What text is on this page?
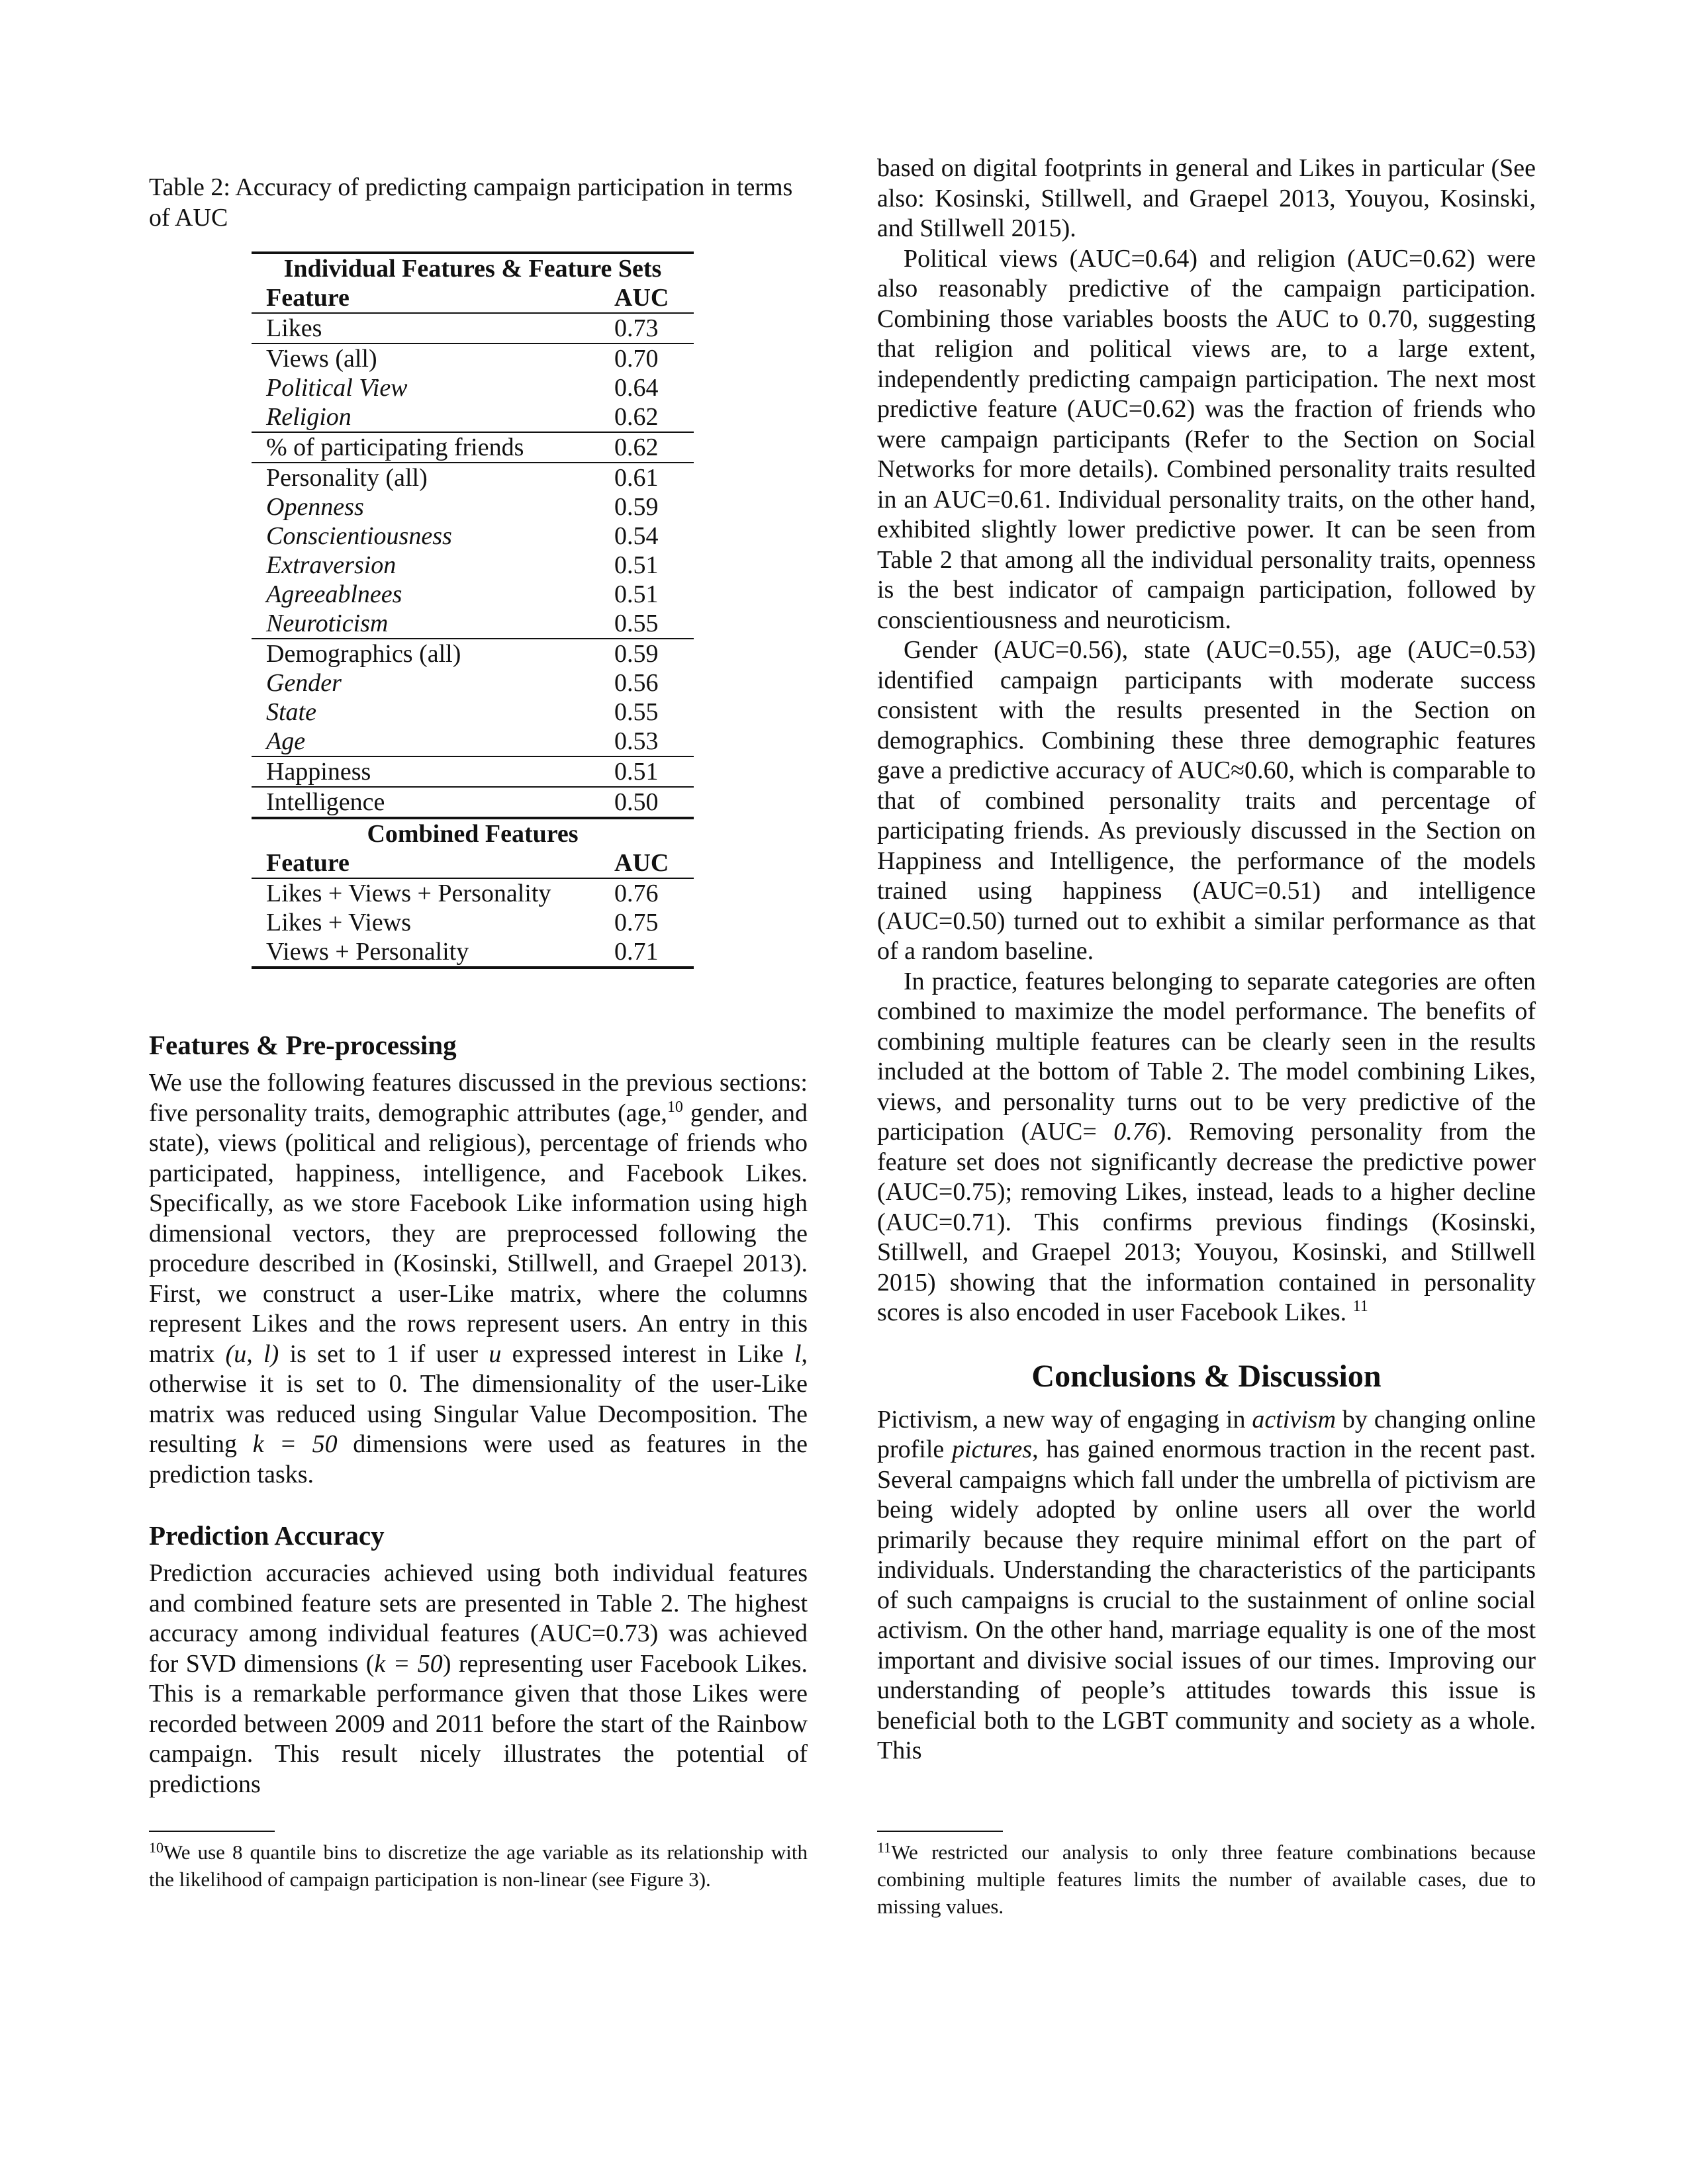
Table 2: Accuracy of predicting campaign participation in terms of AUC
Individual Features & Feature Sets	
Feature	AUC
Likes	0.73
Views (all)	0.70
Political View	0.64
Religion	0.62
% of participating friends	0.62
Personality (all)	0.61
Openness	0.59
Conscientiousness	0.54
Extraversion	0.51
Agreeablnees	0.51
Neuroticism	0.55
Demographics (all)	0.59
Gender	0.56
State	0.55
Age	0.53
Happiness	0.51
Intelligence	0.50
Combined Features	
Feature	AUC
Likes + Views + Personality	0.76
Likes + Views	0.75
Views + Personality	0.71
Features & Pre-processing

We use the following features discussed in the previous sections: five personality traits, demographic attributes (age,$^{10}$ gender, and state), views (political and religious), percentage of friends who participated, happiness, intelligence, and Facebook Likes. Specifically, as we store Facebook Like information using high dimensional vectors, they are preprocessed following the procedure described in (Kosinski, Stillwell, and Graepel 2013). First, we construct a user-Like matrix, where the columns represent Likes and the rows represent users. An entry in this matrix (u, l) is set to 1 if user u expressed interest in Like l, otherwise it is set to 0. The dimensionality of the user-Like matrix was reduced using Singular Value Decomposition. The resulting k = 50 dimensions were used as features in the prediction tasks.

Prediction Accuracy

Prediction accuracies achieved using both individual features and combined feature sets are presented in Table 2. The highest accuracy among individual features (AUC=0.73) was achieved for SVD dimensions (k = 50) representing user Facebook Likes. This is a remarkable performance given that those Likes were recorded between 2009 and 2011 before the start of the Rainbow campaign. This result nicely illustrates the potential of predictions

$^{10}$We use 8 quantile bins to discretize the age variable as its relationship with the likelihood of campaign participation is non-linear (see Figure 3).

based on digital footprints in general and Likes in particular (See also: Kosinski, Stillwell, and Graepel 2013, Youyou, Kosinski, and Stillwell 2015).

Political views (AUC=0.64) and religion (AUC=0.62) were also reasonably predictive of the campaign participation. Combining those variables boosts the AUC to 0.70, suggesting that religion and political views are, to a large extent, independently predicting campaign participation. The next most predictive feature (AUC=0.62) was the fraction of friends who were campaign participants (Refer to the Section on Social Networks for more details). Combined personality traits resulted in an AUC=0.61. Individual personality traits, on the other hand, exhibited slightly lower predictive power. It can be seen from Table 2 that among all the individual personality traits, openness is the best indicator of campaign participation, followed by conscientiousness and neuroticism.

Gender (AUC=0.56), state (AUC=0.55), age (AUC=0.53) identified campaign participants with moderate success consistent with the results presented in the Section on demographics. Combining these three demographic features gave a predictive accuracy of AUC≈0.60, which is comparable to that of combined personality traits and percentage of participating friends. As previously discussed in the Section on Happiness and Intelligence, the performance of the models trained using happiness (AUC=0.51) and intelligence (AUC=0.50) turned out to exhibit a similar performance as that of a random baseline.

In practice, features belonging to separate categories are often combined to maximize the model performance. The benefits of combining multiple features can be clearly seen in the results included at the bottom of Table 2. The model combining Likes, views, and personality turns out to be very predictive of the participation (AUC= 0.76). Removing personality from the feature set does not significantly decrease the predictive power (AUC=0.75); removing Likes, instead, leads to a higher decline (AUC=0.71). This confirms previous findings (Kosinski, Stillwell, and Graepel 2013; Youyou, Kosinski, and Stillwell 2015) showing that the information contained in personality scores is also encoded in user Facebook Likes. $^{11}$

Conclusions & Discussion

Pictivism, a new way of engaging in activism by changing online profile pictures, has gained enormous traction in the recent past. Several campaigns which fall under the umbrella of pictivism are being widely adopted by online users all over the world primarily because they require minimal effort on the part of individuals. Understanding the characteristics of the participants of such campaigns is crucial to the sustainment of online social activism. On the other hand, marriage equality is one of the most important and divisive social issues of our times. Improving our understanding of people’s attitudes towards this issue is beneficial both to the LGBT community and society as a whole. This

$^{11}$We restricted our analysis to only three feature combinations because combining multiple features limits the number of available cases, due to missing values.
